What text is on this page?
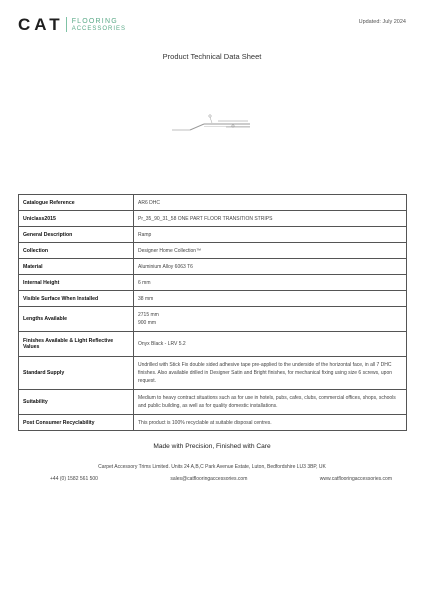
CAT FLOORING
ACCESSORIES
Updated: July 2024
Product Technical Data Sheet
Catalogue Reference	AR6 DHC
Uniclass2015	Pr_35_90_31_58 ONE PART FLOOR TRANSITION STRIPS
General Description	Ramp
Collection	Designer Home Collection™
Material	Aluminium Alloy 6063 T6
Internal Height	6 mm
Visible Surface When Installed	38 mm
Lengths Available	2715 mm
900 mm

Finishes Available & Light Reflective Values	Onyx Black - LRV 5.2
Standard Supply	Undrilled with Stick Fix double sided adhesive tape pre-applied to the underside of the horizontal face, in all 7 DHC finishes. Also available drilled in Designer Satin and Bright finishes, for mechanical fixing using size 6 screws, upon request.
Suitability	Medium to heavy contract situations such as for use in hotels, pubs, cafes, clubs, commercial offices, shops, schools and public building, as well as for quality domestic installations.
Post Consumer Recyclability	This product is 100% recyclable at suitable disposal centres.
Made with Precision, Finished with Care
Carpet Accessory Trims Limited. Units 24 A,B,C Park Avenue Estate, Luton, Bedfordshire LU3 3BP, UK
+44 (0) 1582 561 500	sales@catflooringaccessories.com	www.catflooringaccessories.com
